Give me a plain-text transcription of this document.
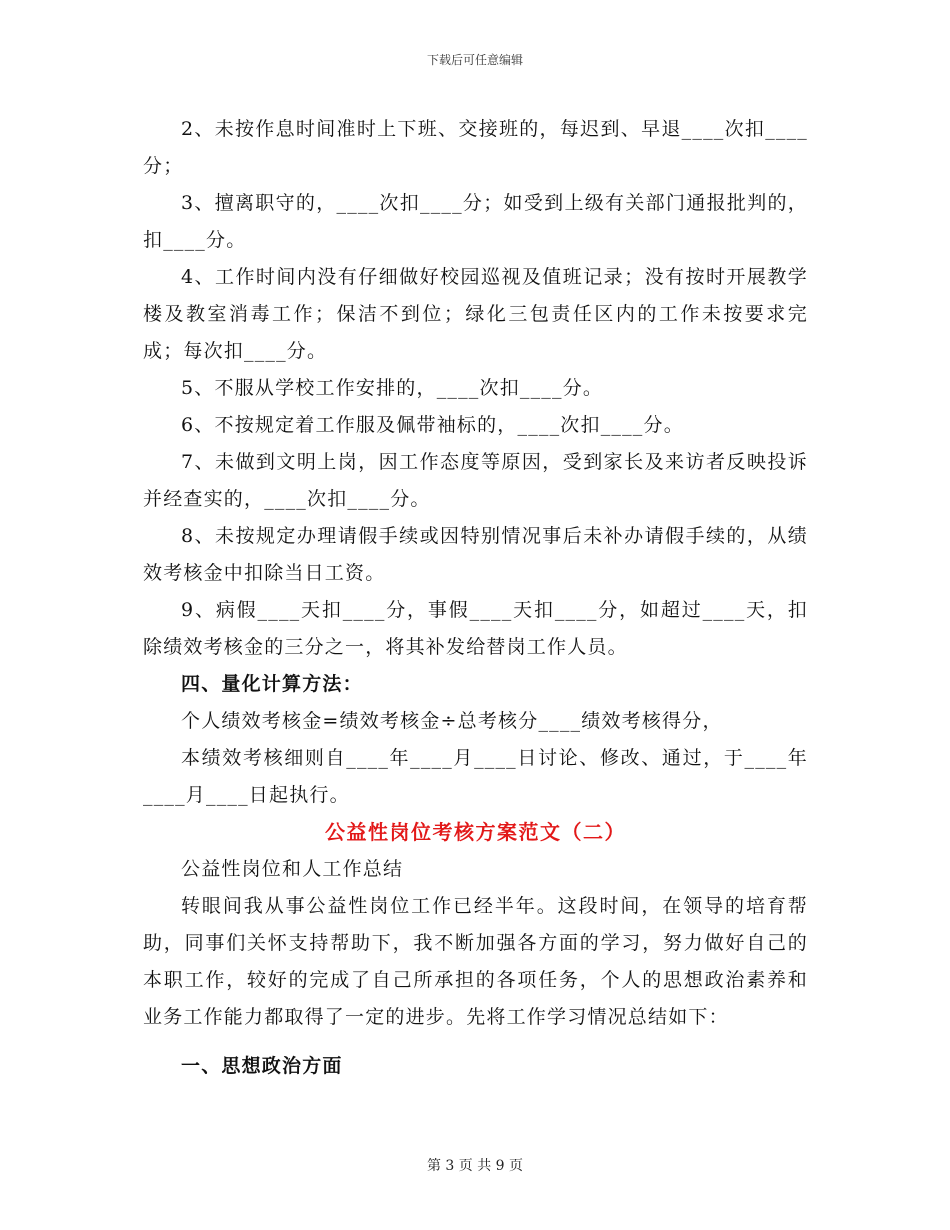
下载后可任意编辑

2、未按作息时间准时上下班、交接班的，每迟到、早退____次扣____分；

3、擅离职守的，____次扣____分；如受到上级有关部门通报批判的，扣____分。

4、工作时间内没有仔细做好校园巡视及值班记录；没有按时开展教学楼及教室消毒工作；保洁不到位；绿化三包责任区内的工作未按要求完成；每次扣____分。

5、不服从学校工作安排的，____次扣____分。

6、不按规定着工作服及佩带袖标的，____次扣____分。

7、未做到文明上岗，因工作态度等原因，受到家长及来访者反映投诉并经查实的，____次扣____分。

8、未按规定办理请假手续或因特别情况事后未补办请假手续的，从绩效考核金中扣除当日工资。

9、病假____天扣____分，事假____天扣____分，如超过____天，扣除绩效考核金的三分之一，将其补发给替岗工作人员。

四、量化计算方法：

个人绩效考核金=绩效考核金÷总考核分____绩效考核得分，

本绩效考核细则自____年____月____日讨论、修改、通过，于____年____月____日起执行。

公益性岗位考核方案范文（二）

公益性岗位和人工作总结

转眼间我从事公益性岗位工作已经半年。这段时间，在领导的培育帮助，同事们关怀支持帮助下，我不断加强各方面的学习，努力做好自己的本职工作，较好的完成了自己所承担的各项任务，个人的思想政治素养和业务工作能力都取得了一定的进步。先将工作学习情况总结如下：

一、思想政治方面

第 3 页 共 9 页
